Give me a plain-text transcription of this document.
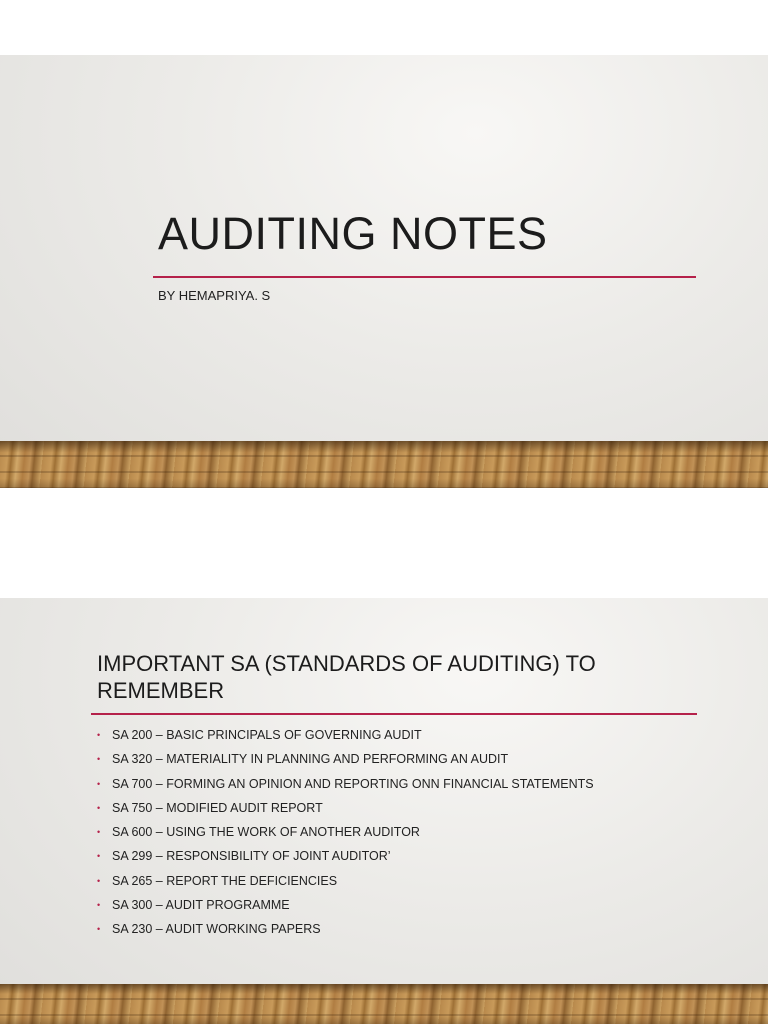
AUDITING NOTES
BY HEMAPRIYA. S
IMPORTANT SA (STANDARDS OF AUDITING) TO REMEMBER
• SA 200 – BASIC PRINCIPALS OF GOVERNING AUDIT
• SA 320 – MATERIALITY IN PLANNING AND PERFORMING AN AUDIT
• SA 700 – FORMING AN OPINION AND REPORTING ONN FINANCIAL STATEMENTS
• SA 750 – MODIFIED AUDIT REPORT
• SA 600 – USING THE WORK OF ANOTHER AUDITOR
• SA 299 – RESPONSIBILITY OF JOINT AUDITOR’
• SA 265 – REPORT THE DEFICIENCIES
• SA 300 – AUDIT PROGRAMME
• SA 230 – AUDIT WORKING PAPERS
